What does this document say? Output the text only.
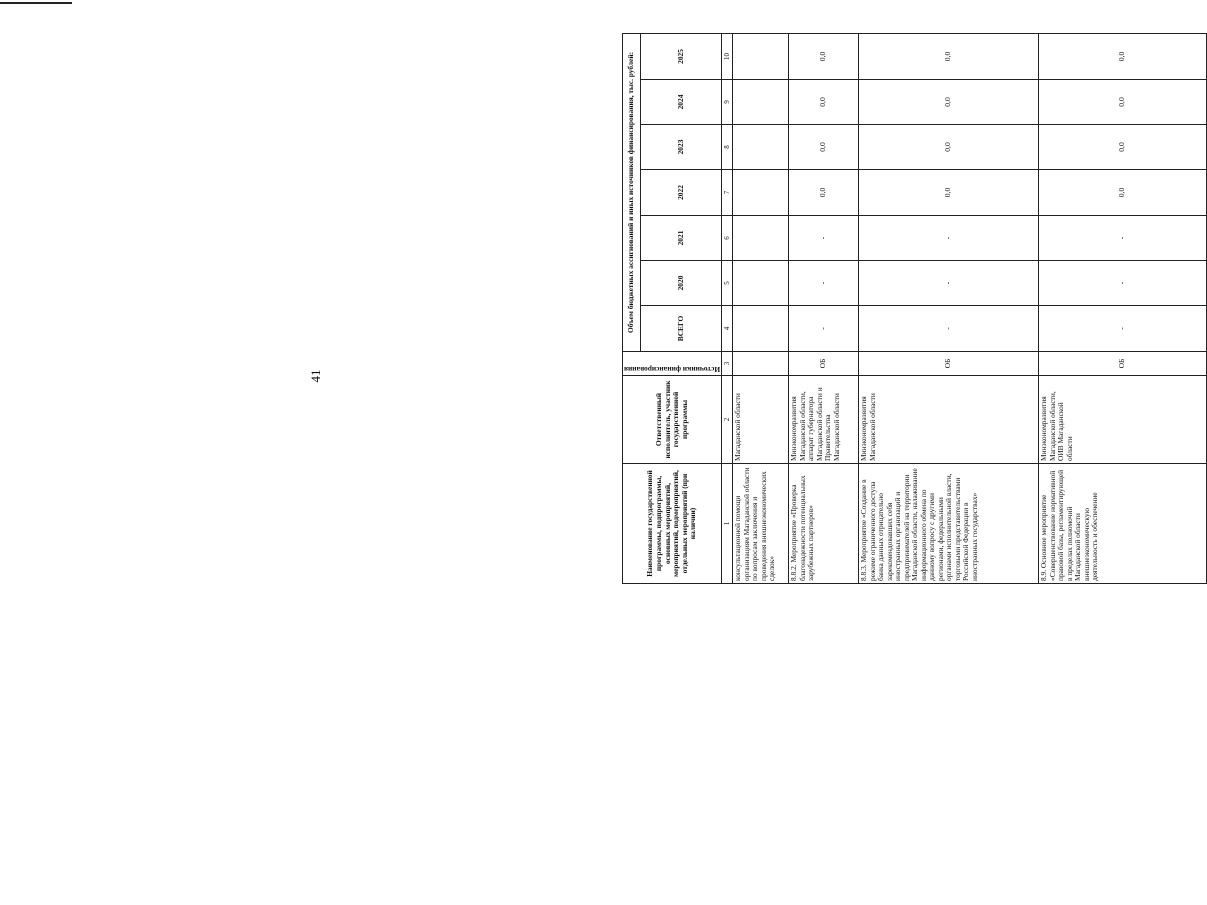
41
Наименование государственной программы, подпрограммы, основных мероприятий, мероприятий, подмероприятий, отдельных мероприятий (при наличии)	Ответственный исполнитель, участник государственной программы	Источники финансирования	Объем бюджетных ассигнований и иных источников финансирования, тыс. рублей:						
			ВСЕГО	2020	2021	2022	2023	2024	2025
1	2	3	4	5	6	7	8	9	10
консультационной помощи организациям Магаданской области по вопросам заключения и проведения внешнеэкономических сделок»	Магаданской области								
8.8.2. Мероприятие «Проверка благонадежности потенциальных зарубежных партнеров»	Минэкономразвития Магаданской области, аппарат губернатора Магаданской области и Правительства Магаданской области	ОБ	-	-	-	0,0	0,0	0,0	0,0
8.8.3. Мероприятие «Создание в режиме ограниченного доступа банка данных отрицательно зарекомендовавших себя иностранных организаций и предпринимателей на территории Магаданской области, налаживание информационного обмена по данному вопросу с другими регионами, федеральными органами исполнительной власти, торговыми представительствами Российской Федерации в иностранных государствах»	Минэкономразвития Магаданской области	ОБ	-	-	-	0,0	0,0	0,0	0,0
8.9. Основное мероприятие «Совершенствование нормативной правовой базы, регламентирующей в пределах полномочий Магаданской области внешнеэкономическую деятельность и обеспечение	Минэкономразвития Магаданской области, ОИВ Магаданской области	ОБ	-	-	-	0,0	0,0	0,0	0,0
